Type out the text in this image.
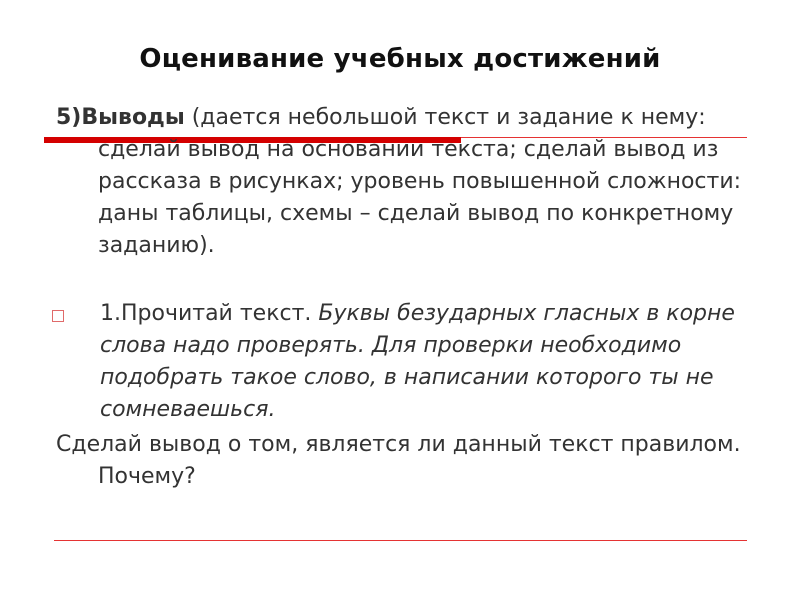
Оценивание учебных достижений

5)Выводы (дается небольшой текст и задание к нему: сделай вывод на основании текста; сделай вывод из рассказа в рисунках; уровень повышенной сложности: даны таблицы, схемы – сделай вывод по конкретному заданию).

1.Прочитай текст. Буквы безударных гласных в корне слова надо проверять. Для проверки необходимо подобрать такое слово, в написании которого ты не сомневаешься.

Сделай вывод о том, является ли данный текст правилом. Почему?
